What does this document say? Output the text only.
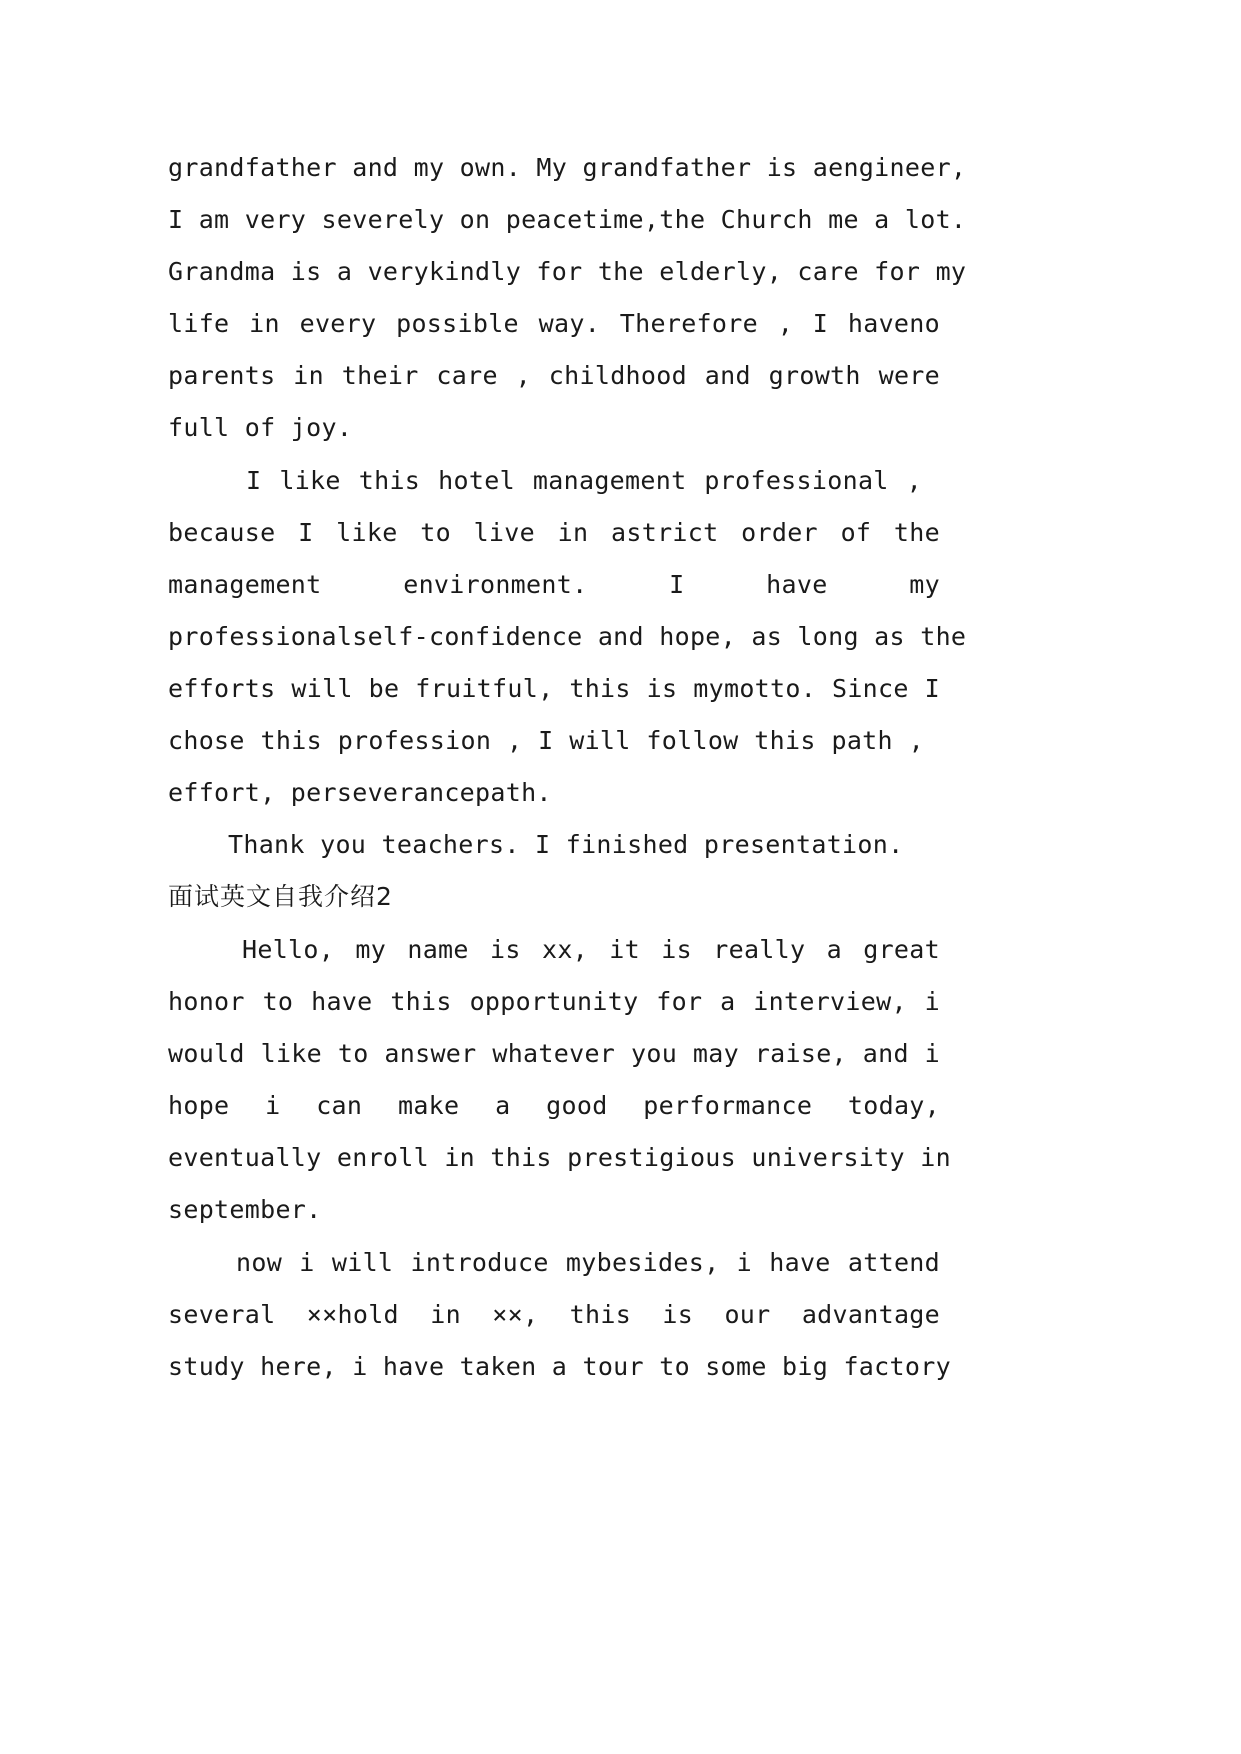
grandfather and my own. My grandfather is aengineer,
I am very severely on peacetime,the Church me a lot.
Grandma is a verykindly for the elderly, care for my
life in every possible way. Therefore , I haveno
parents in their care , childhood and growth were
full of joy.
I like this hotel management professional ,
because I like to live in astrict order of the
management environment. I have my
professionalself-confidence and hope, as long as the
efforts will be fruitful, this is mymotto. Since I
chose this profession , I will follow this path ,
effort, perseverancepath.
Thank you teachers. I finished presentation.
面试英文自我介绍2
Hello, my name is xx, it is really a great
honor to have this opportunity for a interview, i
would like to answer whatever you may raise, and i
hope i can make a good performance today,
eventually enroll in this prestigious university in
september.
now i will introduce mybesides, i have attend
several ××hold in ××, this is our advantage
study here, i have taken a tour to some big factory
